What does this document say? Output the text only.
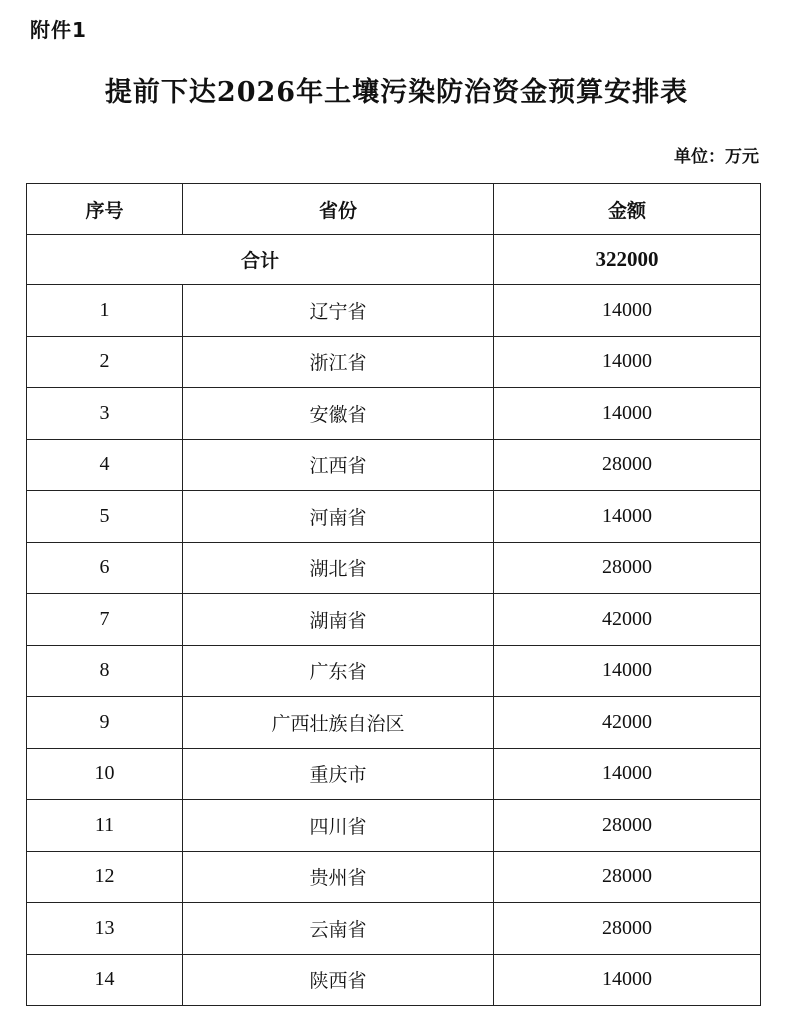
附件1
提前下达2026年土壤污染防治资金预算安排表
单位：万元
序号	省份	金额
合计		322000
1	辽宁省	14000
2	浙江省	14000
3	安徽省	14000
4	江西省	28000
5	河南省	14000
6	湖北省	28000
7	湖南省	42000
8	广东省	14000
9	广西壮族自治区	42000
10	重庆市	14000
11	四川省	28000
12	贵州省	28000
13	云南省	28000
14	陕西省	14000
